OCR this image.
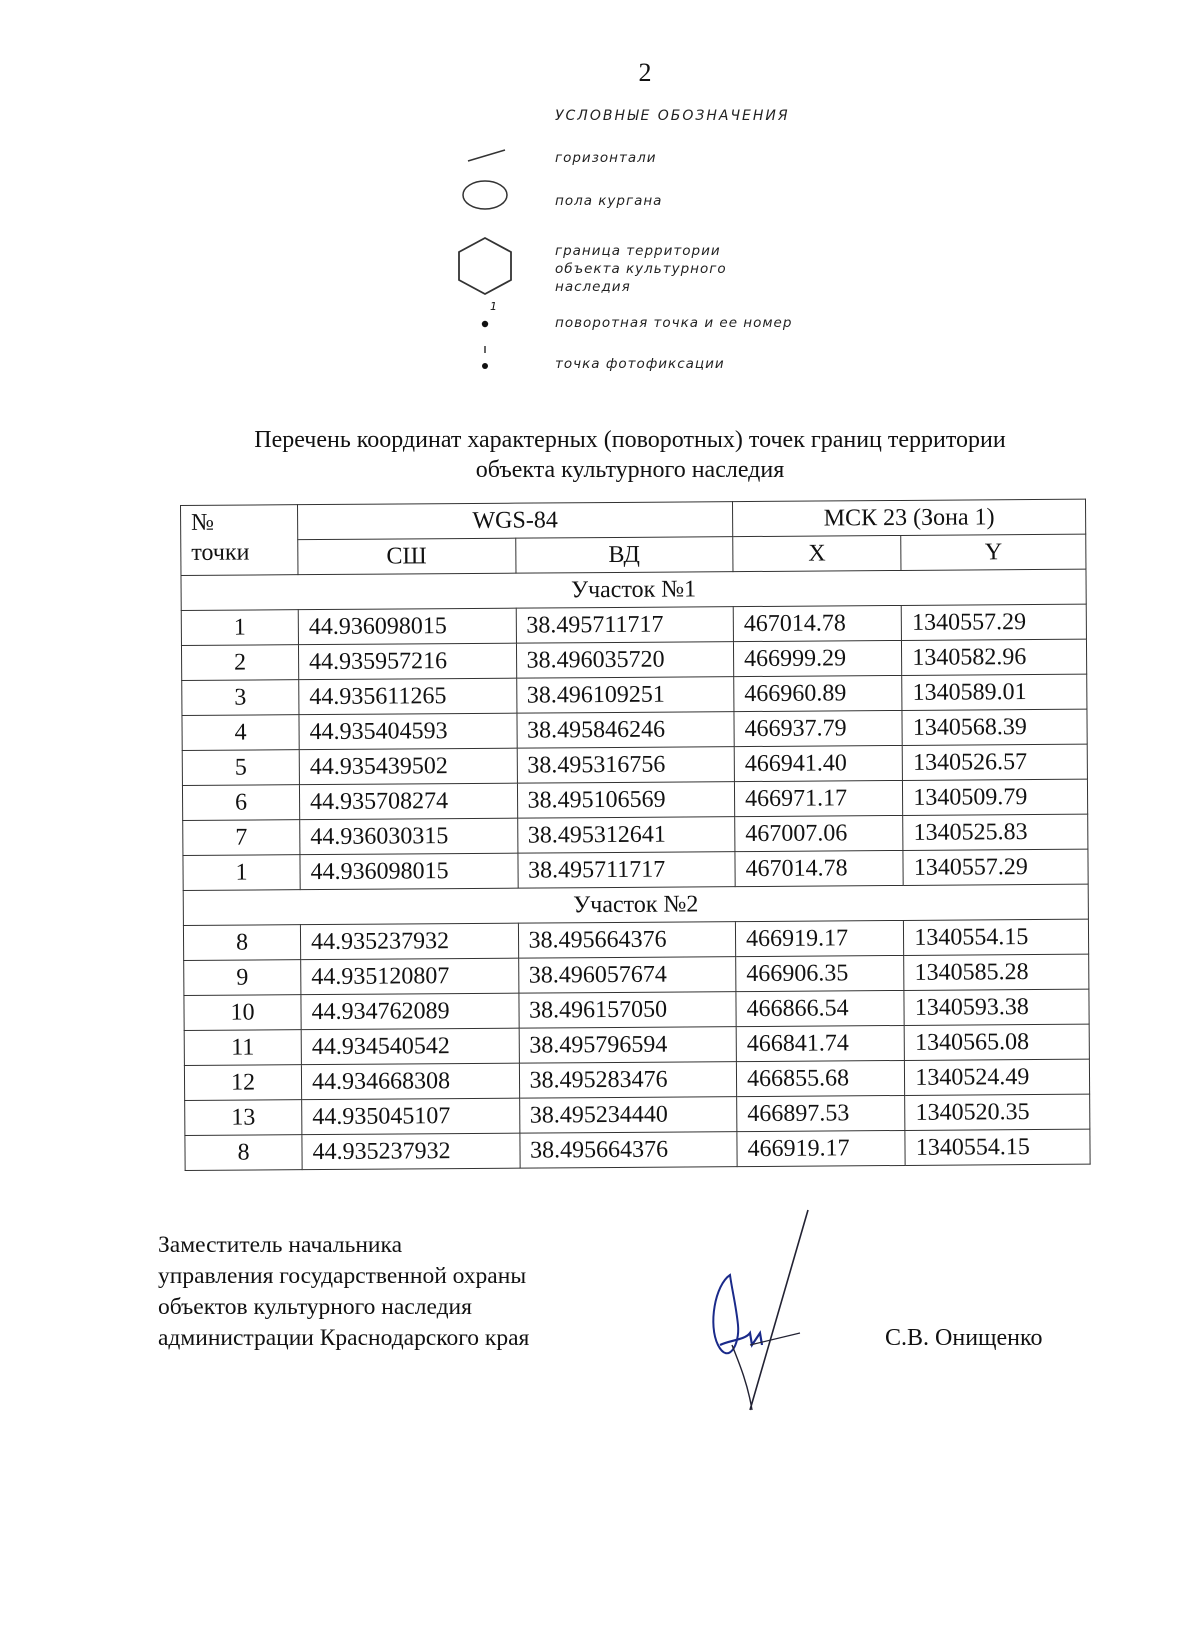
2
УСЛОВНЫЕ ОБОЗНАЧЕНИЯ
горизонтали
пола кургана
граница территории
объекта культурного
наследия
1
поворотная точка и ее номер
точка фотофиксации
Перечень координат характерных (поворотных) точек границ территории
объекта культурного наследия
№
точки	WGS-84		МСК 23 (Зона 1)	
	СШ	ВД	X	Y
Участок №1				
1	44.936098015	38.495711717	467014.78	1340557.29
2	44.935957216	38.496035720	466999.29	1340582.96
3	44.935611265	38.496109251	466960.89	1340589.01
4	44.935404593	38.495846246	466937.79	1340568.39
5	44.935439502	38.495316756	466941.40	1340526.57
6	44.935708274	38.495106569	466971.17	1340509.79
7	44.936030315	38.495312641	467007.06	1340525.83
1	44.936098015	38.495711717	467014.78	1340557.29
Участок №2				
8	44.935237932	38.495664376	466919.17	1340554.15
9	44.935120807	38.496057674	466906.35	1340585.28
10	44.934762089	38.496157050	466866.54	1340593.38
11	44.934540542	38.495796594	466841.74	1340565.08
12	44.934668308	38.495283476	466855.68	1340524.49
13	44.935045107	38.495234440	466897.53	1340520.35
8	44.935237932	38.495664376	466919.17	1340554.15
Заместитель начальника
управления государственной охраны
объектов культурного наследия
администрации Краснодарского края	С.В. Онищенко
